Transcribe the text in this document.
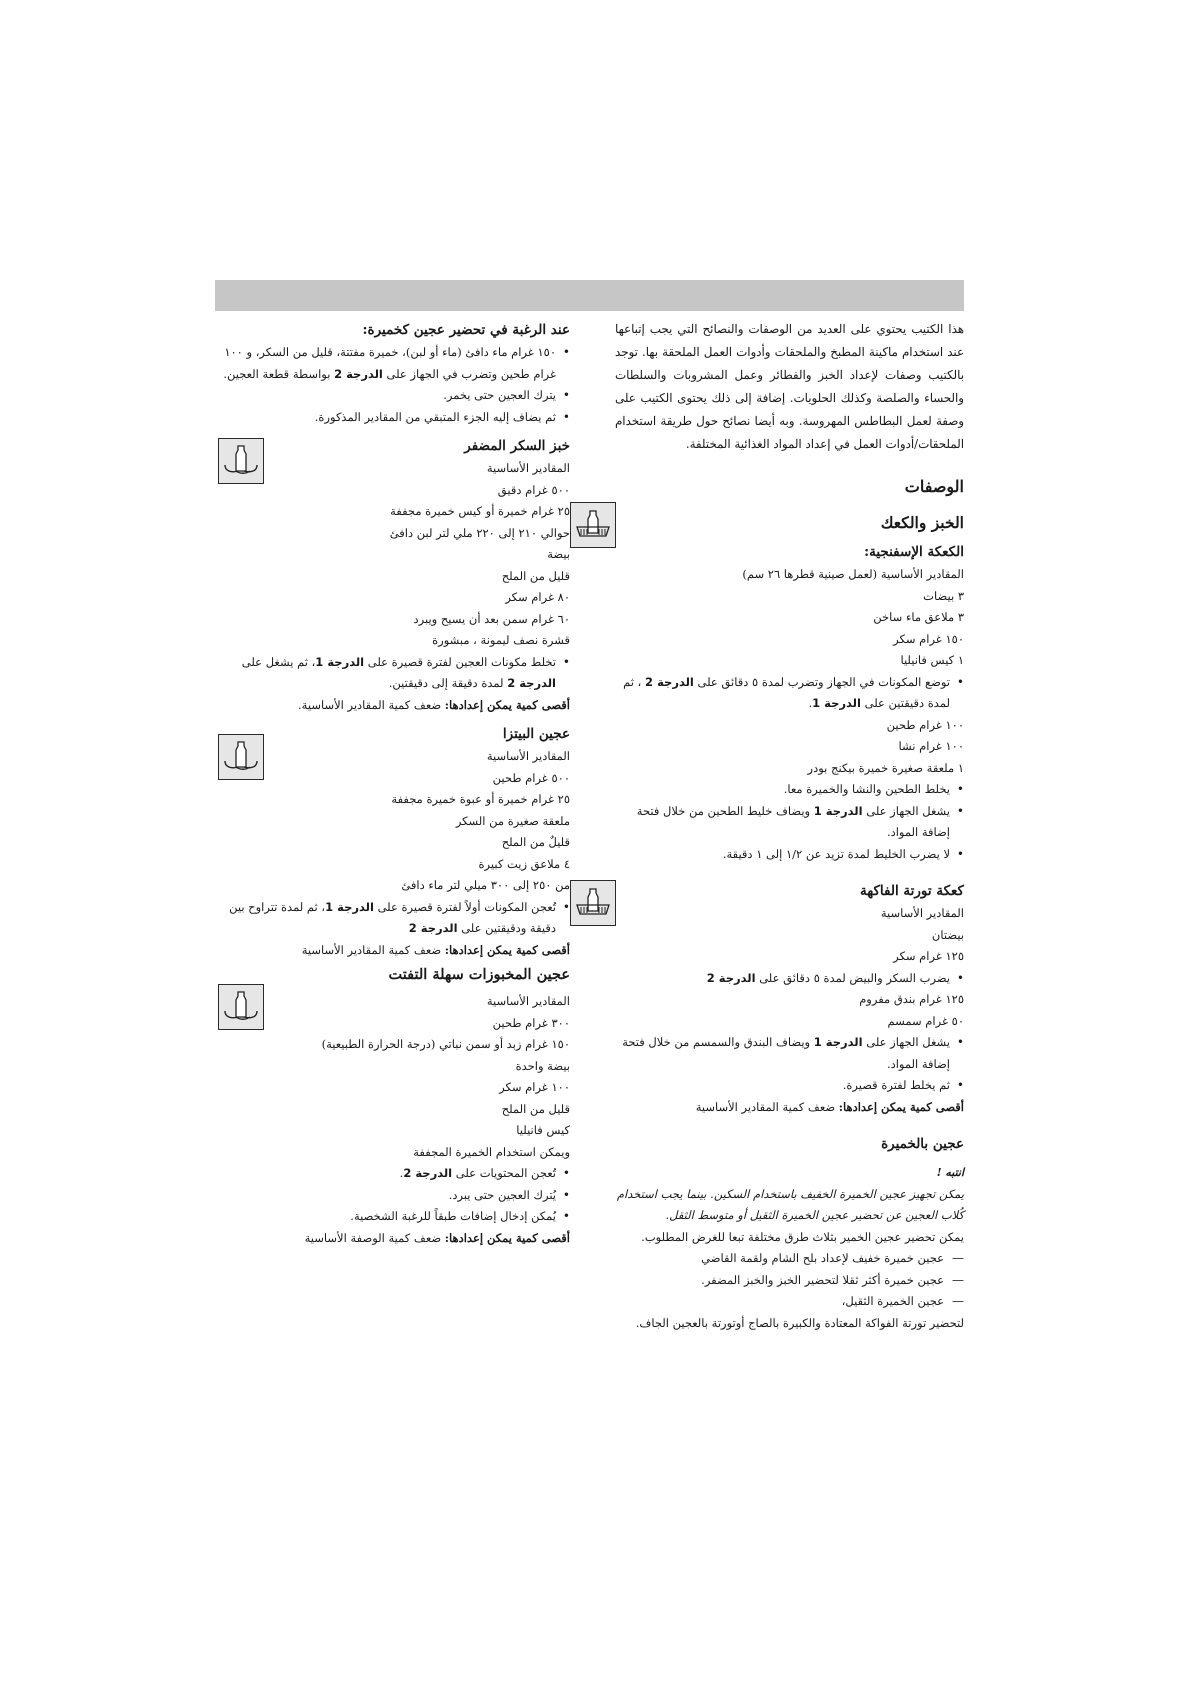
هذا الكتيب يحتوي على العديد من الوصفات والنصائح التي يجب إتباعها عند استخدام ماكينة المطبخ والملحقات وأدوات العمل الملحقة بها. توجد بالكتيب وصفات لإعداد الخبز والفطائر وعمل المشروبات والسلطات والحساء والصلصة وكذلك الحلويات. إضافة إلى ذلك يحتوى الكتيب على وصفة لعمل البطاطس المهروسة. وبه أيضا نصائح حول طريقة استخدام الملحقات/أدوات العمل في إعداد المواد الغذائية المختلفة.

الوصفات
الخبز والكعك
الكعكة الإسفنجية:

المقادير الأساسية (لعمل صينية قطرها ٢٦ سم)

٣ بيضات

٣ ملاعق ماء ساخن

١٥٠ غرام سكر

١ كيس فانيليا

• توضع المكونات في الجهاز وتضرب لمدة ٥ دقائق على الدرجة 2 ، ثم لمدة دقيقتين على الدرجة 1.

١٠٠ غرام طحين

١٠٠ غرام نشا

١ ملعقة صغيرة خميرة بيكنج بودر

• يخلط الطحين والنشا والخميرة معا.
• يشغل الجهاز على الدرجة 1 ويضاف خليط الطحين من خلال فتحة إضافة المواد.
• لا يضرب الخليط لمدة تزيد عن ١/٢ إلى ١ دقيقة.
كعكة تورتة الفاكهة

المقادير الأساسية

بيضتان

١٢٥ غرام سكر

• يضرب السكر والبيض لمدة ٥ دقائق على الدرجة 2

١٢٥ غرام بندق مفروم

٥٠ غرام سمسم

• يشغل الجهاز على الدرجة 1 ويضاف البندق والسمسم من خلال فتحة إضافة المواد.
• ثم يخلط لفترة قصيرة.

أقصى كمية يمكن إعدادها: ضعف كمية المقادير الأساسية

عجين بالخميرة

انتبه !

يمكن تجهيز عجين الخميرة الخفيف باستخدام السكين. بينما يجب استخدام كُلاب العجين عن تحضير عجين الخميرة الثقيل أو متوسط الثقل.

يمكن تحضير عجين الخمير بثلاث طرق مختلفة تبعا للغرض المطلوب.

— عجين خميرة خفيف لإعداد بلح الشام ولقمة القاضي
— عجين خميرة أكثر ثقلا لتحضير الخبز والخبز المضفر.
— عجين الخميرة الثقيل،

لتحضير تورتة الفواكة المعتادة والكبيرة بالصاج أوتورتة بالعجين الجاف.

عند الرغبة في تحضير عجين كخميرة:
• ١٥٠ غرام ماء دافئ (ماء أو لبن)، خميرة مفتتة، قليل من السكر، و ١٠٠ غرام طحين وتضرب في الجهاز على الدرجة 2 بواسطة قطعة العجين.
• يترك العجين حتى يخمر.
• ثم يضاف إليه الجزء المتبقي من المقادير المذكورة.
خبز السكر المضفر

المقادير الأساسية

٥٠٠ غرام دقيق

٢٥ غرام خميرة أو كيس خميرة مجففة

حوالي ٢١٠ إلى ٢٢٠ ملي لتر لبن دافئ

بيضة

قليل من الملح

٨٠ غرام سكر

٦٠ غرام سمن بعد أن يسيح ويبرد

قشرة نصف ليمونة ، مبشورة

• تخلط مكونات العجين لفترة قصيرة على الدرجة 1، ثم يشغل على الدرجة 2 لمدة دقيقة إلى دقيقتين.

أقصى كمية يمكن إعدادها: ضعف كمية المقادير الأساسية.

عجين البيتزا

المقادير الأساسية

٥٠٠ غرام طحين

٢٥ غرام خميرة أو عبوة خميرة مجففة

ملعقة صغيرة من السكر

قليلٌ من الملح

٤ ملاعق زيت كبيرة

من ٢٥٠ إلى ٣٠٠ ميلي لتر ماء دافئ

• تُعجن المكونات أولاً لفترة قصيرة على الدرجة 1، ثم لمدة تتراوح بين دقيقة ودقيقتين على الدرجة 2

أقصى كمية يمكن إعدادها: ضعف كمية المقادير الأساسية

عجين المخبوزات سهلة التفتت

المقادير الأساسية

٣٠٠ غرام طحين

١٥٠ غرام زبد أو سمن نباتي (درجة الحرارة الطبيعية)

بيضة واحدة

١٠٠ غرام سكر

قليل من الملح

كيس فانيليا

ويمكن استخدام الخميرة المجففة

• تُعجن المحتويات على الدرجة 2.
• يُترك العجين حتى يبرد.
• يُمكن إدخال إضافات طبقاً للرغبة الشخصية.

أقصى كمية يمكن إعدادها: ضعف كمية الوصفة الأساسية
